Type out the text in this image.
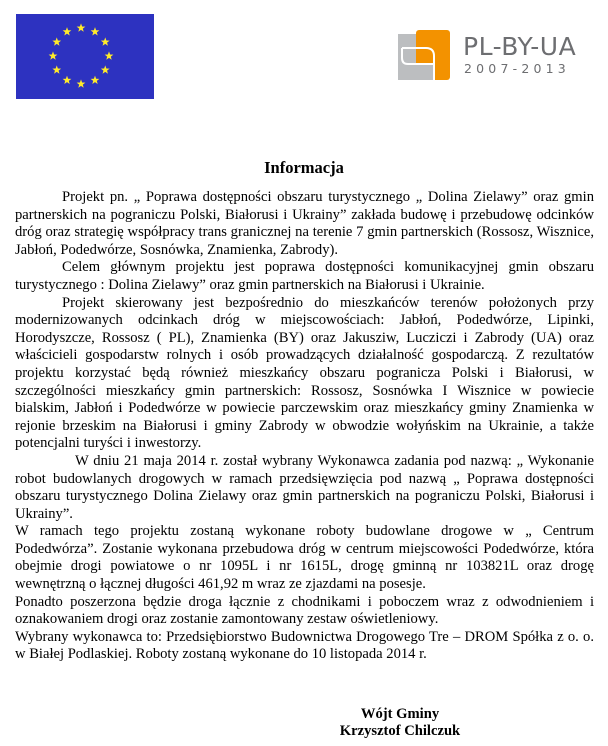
PL-BY-UA
2007-2013
Informacja

Projekt pn. „ Poprawa dostępności obszaru turystycznego „ Dolina Zielawy” oraz gmin partnerskich na pograniczu Polski, Białorusi i Ukrainy” zakłada budowę i przebudowę odcinków dróg oraz strategię współpracy trans granicznej na terenie 7 gmin partnerskich (Rossosz, Wisznice, Jabłoń, Podedwórze, Sosnówka, Znamienka, Zabrody).

Celem głównym projektu jest poprawa dostępności komunikacyjnej gmin obszaru turystycznego : Dolina Zielawy” oraz gmin partnerskich na Białorusi i Ukrainie.

Projekt skierowany jest bezpośrednio do mieszkańców terenów położonych przy modernizowanych odcinkach dróg w miejscowościach: Jabłoń, Podedwórze, Lipinki, Horodyszcze, Rossosz ( PL), Znamienka (BY) oraz Jakusziw, Lucziczi i Zabrody (UA) oraz właścicieli gospodarstw rolnych i osób prowadzących działalność gospodarczą. Z rezultatów projektu korzystać będą również mieszkańcy obszaru pogranicza Polski i Białorusi, w szczególności mieszkańcy gmin partnerskich: Rossosz, Sosnówka I Wisznice w powiecie bialskim, Jabłoń i Podedwórze w powiecie parczewskim oraz mieszkańcy gminy Znamienka w rejonie brzeskim na Białorusi i gminy Zabrody w obwodzie wołyńskim na Ukrainie, a także potencjalni turyści i inwestorzy.

W dniu 21 maja 2014 r. został wybrany Wykonawca zadania pod nazwą: „ Wykonanie robot budowlanych drogowych w ramach przedsięwzięcia pod nazwą „ Poprawa dostępności obszaru turystycznego Dolina Zielawy oraz gmin partnerskich na pograniczu Polski, Białorusi i Ukrainy”.

W ramach tego projektu zostaną wykonane roboty budowlane drogowe w „ Centrum Podedwórza”. Zostanie wykonana przebudowa dróg w centrum miejscowości Podedwórze, która obejmie drogi powiatowe o nr 1095L i nr 1615L, drogę gminną nr 103821L oraz drogę wewnętrzną o łącznej długości 461,92 m wraz ze zjazdami na posesje.

Ponadto poszerzona będzie droga łącznie z chodnikami i poboczem wraz z odwodnieniem i oznakowaniem drogi oraz zostanie zamontowany zestaw oświetleniowy.

Wybrany wykonawca to: Przedsiębiorstwo Budownictwa Drogowego Tre – DROM Spółka z o. o. w Białej Podlaskiej. Roboty zostaną wykonane do 10 listopada 2014 r.

Wójt Gminy
Krzysztof Chilczuk
